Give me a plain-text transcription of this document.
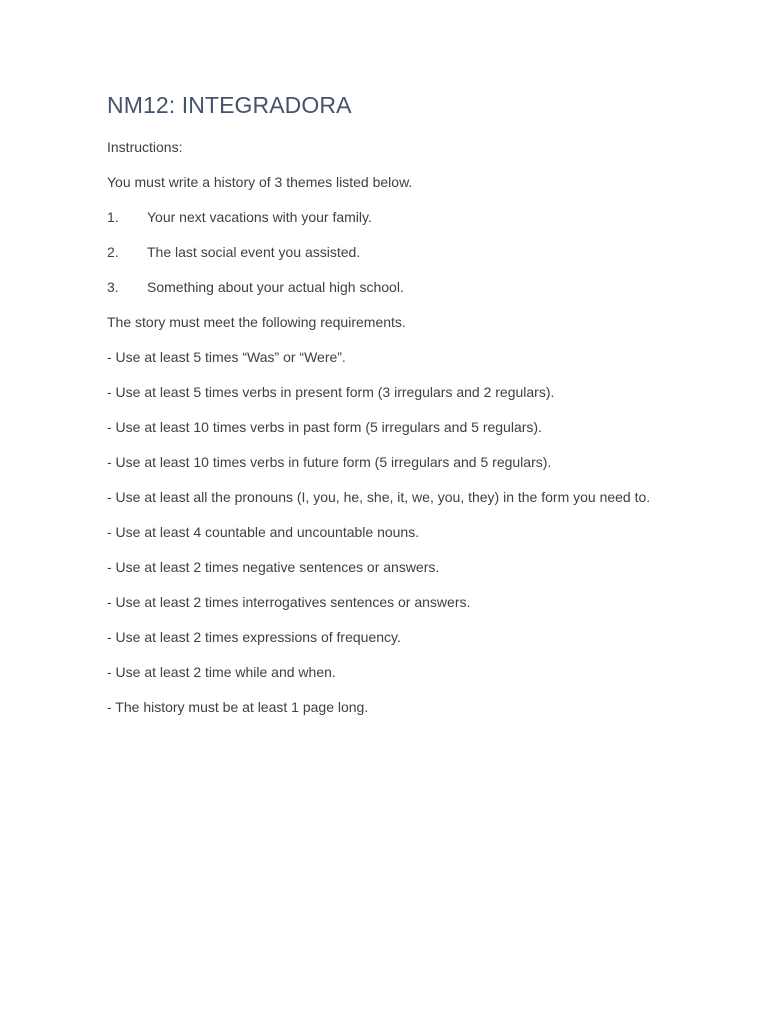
NM12: INTEGRADORA

Instructions:

You must write a history of 3 themes listed below.

1.	Your next vacations with your family.
2.	The last social event you assisted.
3.	Something about your actual high school.

The story must meet the following requirements.

- Use at least 5 times “Was” or “Were”.

- Use at least 5 times verbs in present form (3 irregulars and 2 regulars).

- Use at least 10 times verbs in past form (5 irregulars and 5 regulars).

- Use at least 10 times verbs in future form (5 irregulars and 5 regulars).

- Use at least all the pronouns (I, you, he, she, it, we, you, they) in the form you need to.

- Use at least 4 countable and uncountable nouns.

- Use at least 2 times negative sentences or answers.

- Use at least 2 times interrogatives sentences or answers.

- Use at least 2 times expressions of frequency.

- Use at least 2 time while and when.

- The history must be at least 1 page long.
